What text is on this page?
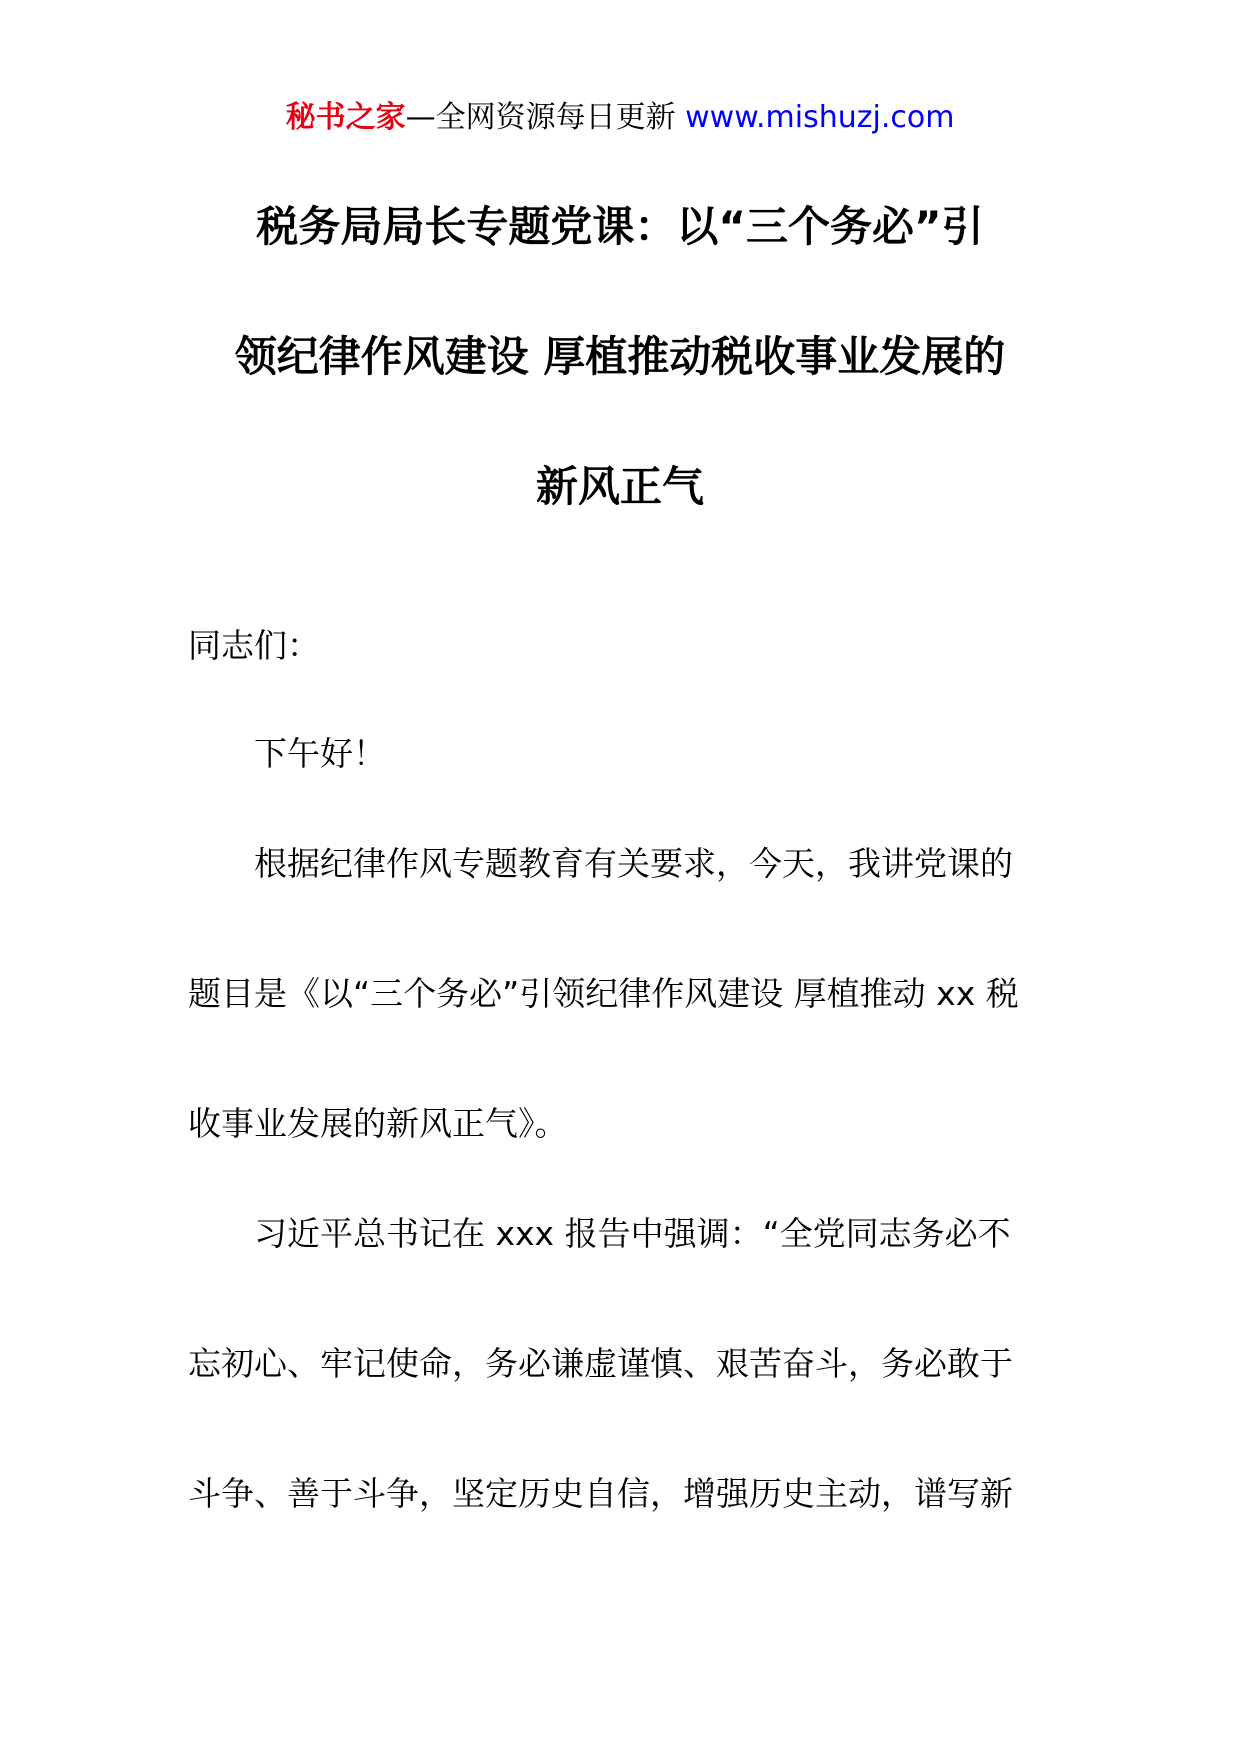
秘书之家—全网资源每日更新 www.mishuzj.com
税务局局长专题党课：以“三个务必”引
领纪律作风建设 厚植推动税收事业发展的
新风正气

同志们：

下午好！

根据纪律作风专题教育有关要求，今天，我讲党课的

题目是《以“三个务必”引领纪律作风建设 厚植推动 xx 税

收事业发展的新风正气》。

习近平总书记在 xxx 报告中强调：“全党同志务必不

忘初心、牢记使命，务必谦虚谨慎、艰苦奋斗，务必敢于

斗争、善于斗争，坚定历史自信，增强历史主动，谱写新
